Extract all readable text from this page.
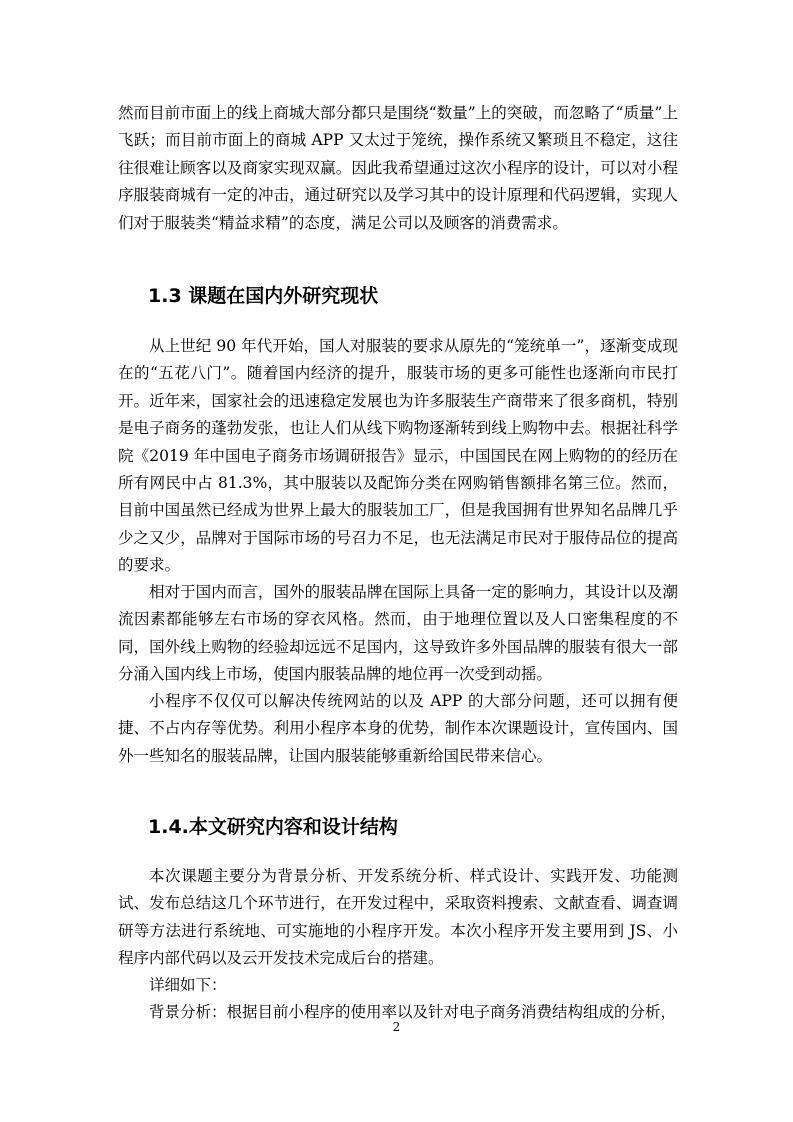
然而目前市面上的线上商城大部分都只是围绕“数量”上的突破，而忽略了“质量”上飞跃；而目前市面上的商城 APP 又太过于笼统，操作系统又繁琐且不稳定，这往往很难让顾客以及商家实现双赢。因此我希望通过这次小程序的设计，可以对小程序服装商城有一定的冲击，通过研究以及学习其中的设计原理和代码逻辑，实现人们对于服装类“精益求精”的态度，满足公司以及顾客的消费需求。

1.3 课题在国内外研究现状

从上世纪 90 年代开始，国人对服装的要求从原先的“笼统单一”，逐渐变成现在的“五花八门”。随着国内经济的提升，服装市场的更多可能性也逐渐向市民打开。近年来，国家社会的迅速稳定发展也为许多服装生产商带来了很多商机，特别是电子商务的蓬勃发张，也让人们从线下购物逐渐转到线上购物中去。根据社科学院《2019 年中国电子商务市场调研报告》显示，中国国民在网上购物的的经历在所有网民中占 81.3%，其中服装以及配饰分类在网购销售额排名第三位。然而，目前中国虽然已经成为世界上最大的服装加工厂，但是我国拥有世界知名品牌几乎少之又少，品牌对于国际市场的号召力不足，也无法满足市民对于服侍品位的提高的要求。

相对于国内而言，国外的服装品牌在国际上具备一定的影响力，其设计以及潮流因素都能够左右市场的穿衣风格。然而，由于地理位置以及人口密集程度的不同，国外线上购物的经验却远远不足国内，这导致许多外国品牌的服装有很大一部分涌入国内线上市场，使国内服装品牌的地位再一次受到动摇。

小程序不仅仅可以解决传统网站的以及 APP 的大部分问题，还可以拥有便捷、不占内存等优势。利用小程序本身的优势，制作本次课题设计，宣传国内、国外一些知名的服装品牌，让国内服装能够重新给国民带来信心。

1.4.本文研究内容和设计结构

本次课题主要分为背景分析、开发系统分析、样式设计、实践开发、功能测试、发布总结这几个环节进行，在开发过程中，采取资料搜索、文献查看、调查调研等方法进行系统地、可实施地的小程序开发。本次小程序开发主要用到 JS、小程序内部代码以及云开发技术完成后台的搭建。

详细如下：

背景分析：根据目前小程序的使用率以及针对电子商务消费结构组成的分析，

2
